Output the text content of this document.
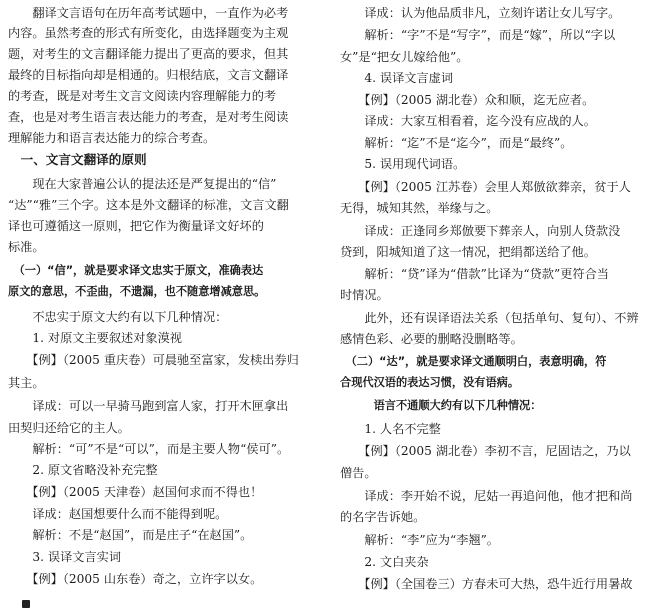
　　翻译文言语句在历年高考试题中，一直作为必考
内容。虽然考查的形式有所变化，由选择题变为主观
题，对考生的文言翻译能力提出了更高的要求，但其
最终的目标指向却是相通的。归根结底，文言文翻译
的考查，既是对考生文言文阅读内容理解能力的考
查，也是对考生语言表达能力的考查，是对考生阅读
理解能力和语言表达能力的综合考查。
　一、文言文翻译的原则
　　现在大家普遍公认的提法还是严复提出的“信”
“达”“雅”三个字。这本是外文翻译的标准，文言文翻
译也可遵循这一原则，把它作为衡量译文好坏的
标准。
　（一）“信”，就是要求译文忠实于原文，准确表达
原文的意思，不歪曲，不遗漏，也不随意增减意思。
　　不忠实于原文大约有以下几种情况：
　　1. 对原文主要叙述对象漠视
　　【例】（2005 重庆卷）可晨驰至富家，发椟出券归
其主。
　　译成：可以一早骑马跑到富人家，打开木匣拿出
田契归还给它的主人。
　　解析：“可”不是“可以”，而是主要人物“侯可”。
　　2. 原文省略没补充完整
　　【例】（2005 天津卷）赵国何求而不得也！
　　译成：赵国想要什么而不能得到呢。
　　解析：不是“赵国”，而是庄子“在赵国”。
　　3. 误译文言实词
　　【例】（2005 山东卷）奇之，立许字以女。
　　译成：认为他品质非凡，立刻许诺让女儿写字。
　　解析：“字”不是“写字”，而是“嫁”，所以“字以
女”是“把女儿嫁给他”。
　　4. 误译文言虚词
　　【例】（2005 湖北卷）众和顺，迄无应者。
　　译成：大家互相看着，迄今没有应战的人。
　　解析：“迄”不是“迄今”，而是“最终”。
　　5. 误用现代词语。
　　【例】（2005 江苏卷）会里人郑倣欲葬亲，贫于人
无得，城知其然，举缘与之。
　　译成：正逢同乡郑倣要下葬亲人，向别人贷款没
贷到，阳城知道了这一情况，把绢都送给了他。
　　解析：“贷”译为“借款”比译为“贷款”更符合当
时情况。
　　此外，还有误译语法关系（包括单句、复句）、不辨
感情色彩、必要的删略没删略等。
　（二）“达”，就是要求译文通顺明白，表意明确，符
合现代汉语的表达习惯，没有语病。
　　　语言不通顺大约有以下几种情况：
　　1. 人名不完整
　　【例】（2005 湖北卷）李初不言，尼固诘之，乃以
僧告。
　　译成：李开始不说，尼姑一再追问他，他才把和尚
的名字告诉她。
　　解析：“李”应为“李翘”。
　　2. 文白夹杂
　　【例】（全国卷三）方春未可大热，恐牛近行用暑故
